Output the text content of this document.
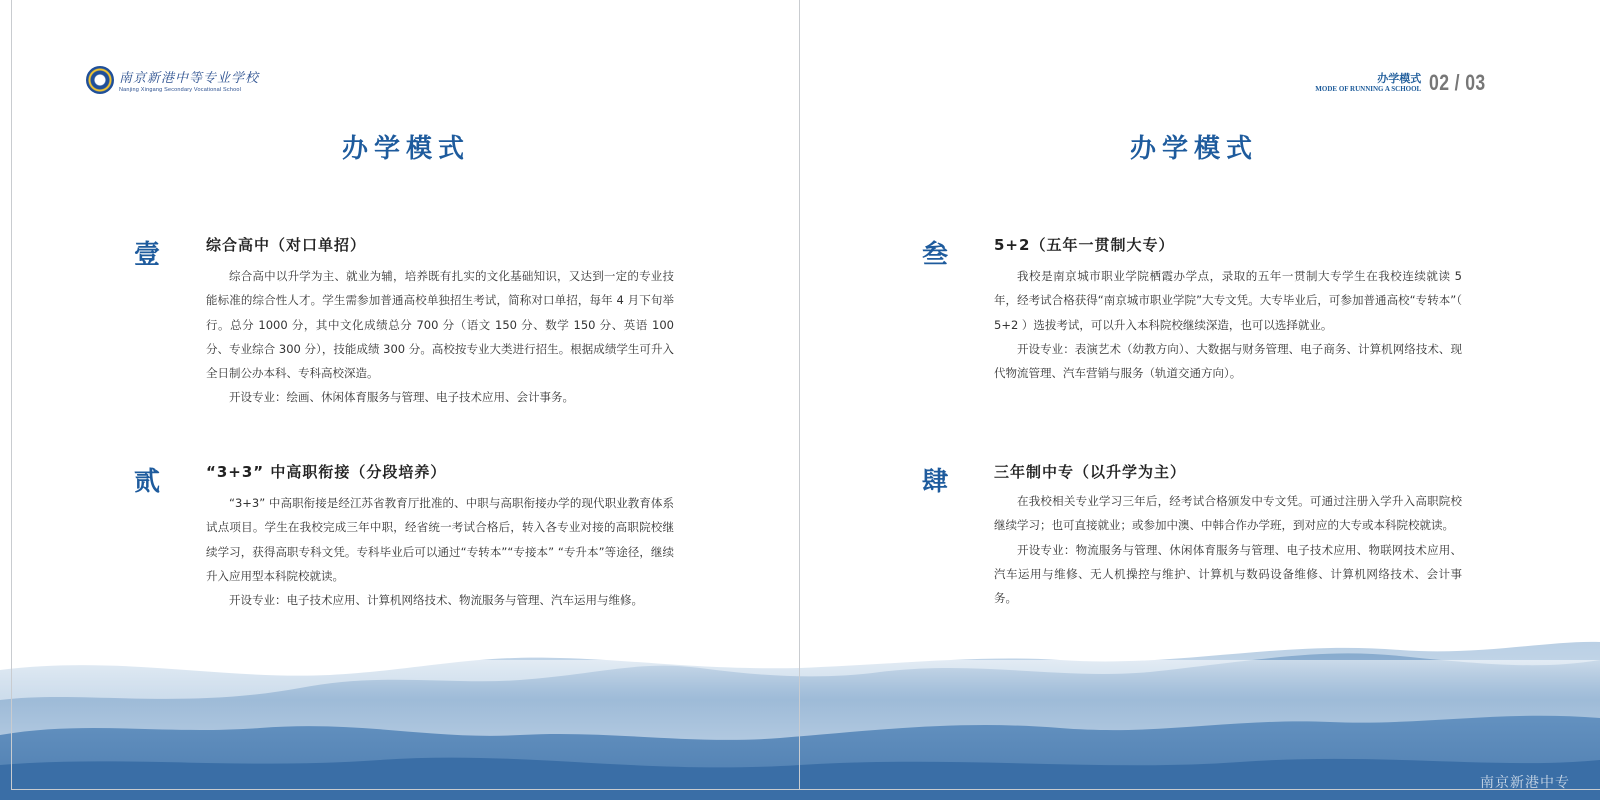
南京新港中等专业学校
Nanjing Xingang Secondary Vocational School
办学模式
壹	综合高中（对口单招）

综合高中以升学为主、就业为辅，培养既有扎实的文化基础知识，又达到一定的专业技能标准的综合性人才。学生需参加普通高校单独招生考试，简称对口单招，每年 4 月下旬举行。总分 1000 分，其中文化成绩总分 700 分（语文 150 分、数学 150 分、英语 100 分、专业综合 300 分），技能成绩 300 分。高校按专业大类进行招生。根据成绩学生可升入全日制公办本科、专科高校深造。

开设专业：绘画、休闲体育服务与管理、电子技术应用、会计事务。

贰	“3+3” 中高职衔接（分段培养）

“3+3” 中高职衔接是经江苏省教育厅批准的、中职与高职衔接办学的现代职业教育体系试点项目。学生在我校完成三年中职，经省统一考试合格后，转入各专业对接的高职院校继续学习，获得高职专科文凭。专科毕业后可以通过“专转本”“专接本” “专升本”等途径，继续升入应用型本科院校就读。

开设专业：电子技术应用、计算机网络技术、物流服务与管理、汽车运用与维修。

办学模式
MODE OF RUNNING A SCHOOL 02 / 03
办学模式
叁	5+2（五年一贯制大专）

我校是南京城市职业学院栖霞办学点，录取的五年一贯制大专学生在我校连续就读 5 年，经考试合格获得“南京城市职业学院”大专文凭。大专毕业后，可参加普通高校“专转本”（ 5+2 ）选拔考试，可以升入本科院校继续深造，也可以选择就业。

开设专业：表演艺术（幼教方向）、大数据与财务管理、电子商务、计算机网络技术、现代物流管理、汽车营销与服务（轨道交通方向）。

肆	三年制中专（以升学为主）

在我校相关专业学习三年后，经考试合格颁发中专文凭。可通过注册入学升入高职院校继续学习；也可直接就业；或参加中澳、中韩合作办学班，到对应的大专或本科院校就读。

开设专业：物流服务与管理、休闲体育服务与管理、电子技术应用、物联网技术应用、汽车运用与维修、无人机操控与维护、计算机与数码设备维修、计算机网络技术、会计事务。

南京新港中专
